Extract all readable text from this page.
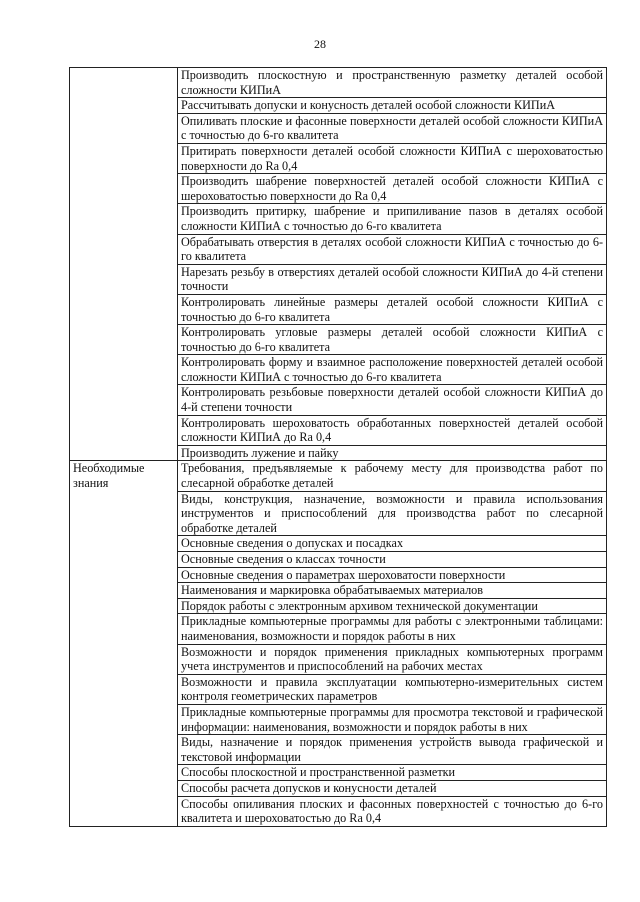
28
	Производить плоскостную и пространственную разметку деталей особой сложности КИПиА
	Рассчитывать допуски и конусность деталей особой сложности КИПиА
	Опиливать плоские и фасонные поверхности деталей особой сложности КИПиА с точностью до 6-го квалитета
	Притирать поверхности деталей особой сложности КИПиА с шероховатостью поверхности до Ra 0,4
	Производить шабрение поверхностей деталей особой сложности КИПиА с шероховатостью поверхности до Ra 0,4
	Производить притирку, шабрение и припиливание пазов в деталях особой сложности КИПиА с точностью до 6-го квалитета
	Обрабатывать отверстия в деталях особой сложности КИПиА с точностью до 6-го квалитета
	Нарезать резьбу в отверстиях деталей особой сложности КИПиА до 4-й степени точности
	Контролировать линейные размеры деталей особой сложности КИПиА с точностью до 6-го квалитета
	Контролировать угловые размеры деталей особой сложности КИПиА с точностью до 6-го квалитета
	Контролировать форму и взаимное расположение поверхностей деталей особой сложности КИПиА с точностью до 6-го квалитета
	Контролировать резьбовые поверхности деталей особой сложности КИПиА до 4-й степени точности
	Контролировать шероховатость обработанных поверхностей деталей особой сложности КИПиА до Ra 0,4
	Производить лужение и пайку
Необходимые знания	Требования, предъявляемые к рабочему месту для производства работ по слесарной обработке деталей
	Виды, конструкция, назначение, возможности и правила использования инструментов и приспособлений для производства работ по слесарной обработке деталей
	Основные сведения о допусках и посадках
	Основные сведения о классах точности
	Основные сведения о параметрах шероховатости поверхности
	Наименования и маркировка обрабатываемых материалов
	Порядок работы с электронным архивом технической документации
	Прикладные компьютерные программы для работы с электронными таблицами: наименования, возможности и порядок работы в них
	Возможности и порядок применения прикладных компьютерных программ учета инструментов и приспособлений на рабочих местах
	Возможности и правила эксплуатации компьютерно-измерительных систем контроля геометрических параметров
	Прикладные компьютерные программы для просмотра текстовой и графической информации: наименования, возможности и порядок работы в них
	Виды, назначение и порядок применения устройств вывода графической и текстовой информации
	Способы плоскостной и пространственной разметки
	Способы расчета допусков и конусности деталей
	Способы опиливания плоских и фасонных поверхностей с точностью до 6-го квалитета и шероховатостью до Ra 0,4
